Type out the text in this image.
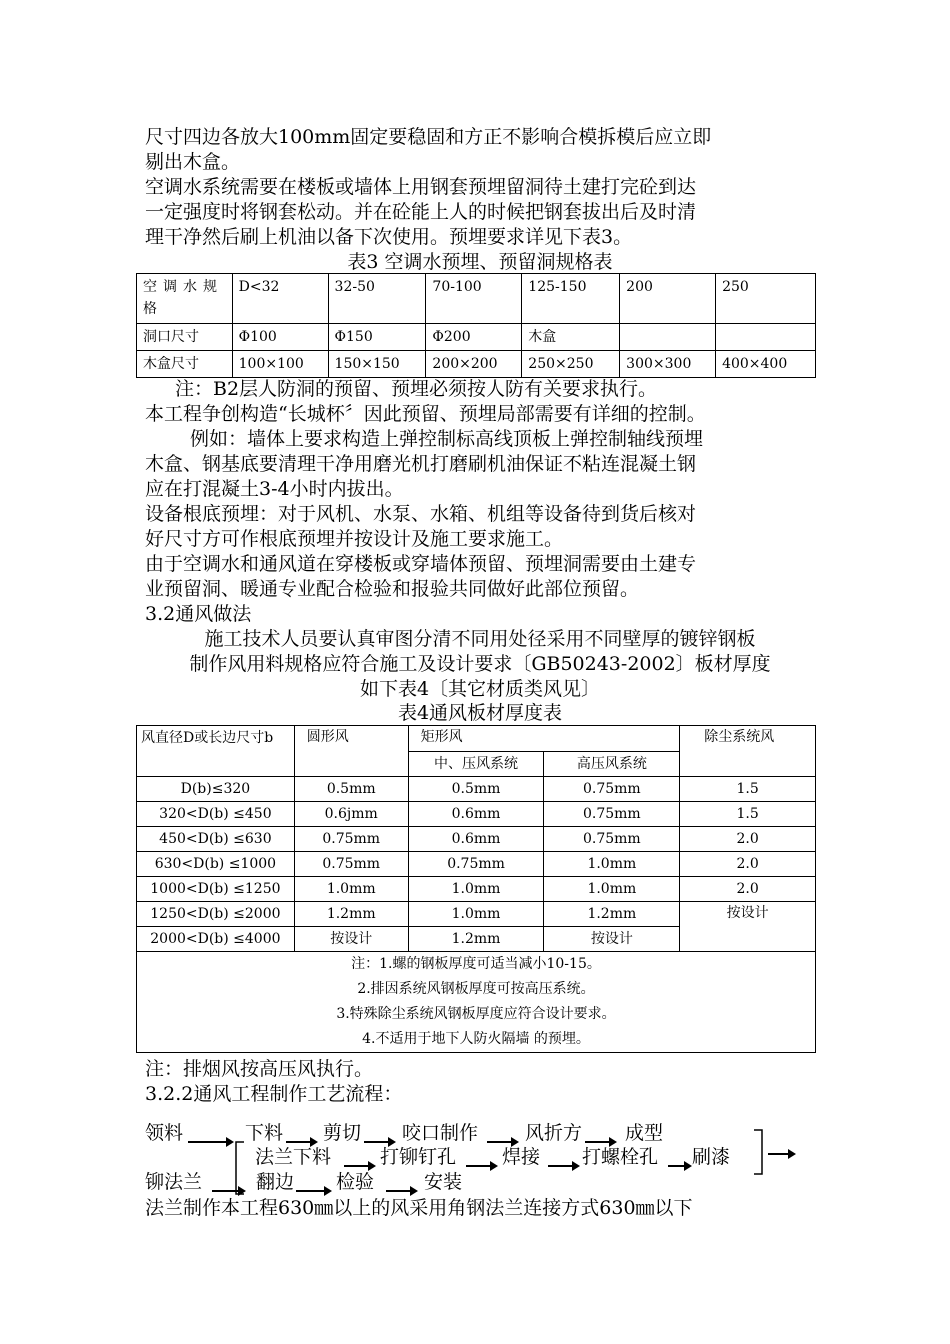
尺寸四边各放大100mm固定要稳固和方正不影响合模拆模后应立即
剔出木盒。
空调水系统需要在楼板或墙体上用钢套预埋留洞待土建打完砼到达
一定强度时将钢套松动。并在砼能上人的时候把钢套拔出后及时清
理干净然后刷上机油以备下次使用。预埋要求详见下表3。
表3 空调水预埋、预留洞规格表
空调水规格	D<32	32-50	70-100	125-150	200	250
洞口尺寸	Φ100	Φ150	Φ200	木盒		
木盒尺寸	100×100	150×150	200×200	250×250	300×300	400×400
注：B2层人防洞的预留、预埋必须按人防有关要求执行。
本工程争创构造“长城杯〞因此预留、预埋局部需要有详细的控制。
例如：墙体上要求构造上弹控制标高线顶板上弹控制轴线预埋
木盒、钢基底要清理干净用磨光机打磨刷机油保证不粘连混凝土钢
应在打混凝土3-4小时内拔出。
设备根底预埋：对于风机、水泵、水箱、机组等设备待到货后核对
好尺寸方可作根底预埋并按设计及施工要求施工。
由于空调水和通风道在穿楼板或穿墙体预留、预埋洞需要由土建专
业预留洞、暖通专业配合检验和报验共同做好此部位预留。
3.2通风做法
施工技术人员要认真审图分清不同用处径采用不同壁厚的镀锌钢板
制作风用料规格应符合施工及设计要求〔GB50243-2002〕板材厚度
如下表4〔其它材质类风见〕
表4通风板材厚度表
风直径D或长边尺寸b	圆形风	矩形风		除尘系统风
		中、压风系统	高压风系统	
D(b)≤320	0.5mm	0.5mm	0.75mm	1.5
320<D(b) ≤450	0.6jmm	0.6mm	0.75mm	1.5
450<D(b) ≤630	0.75mm	0.6mm	0.75mm	2.0
630<D(b) ≤1000	0.75mm	0.75mm	1.0mm	2.0
1000<D(b) ≤1250	1.0mm	1.0mm	1.0mm	2.0
1250<D(b) ≤2000	1.2mm	1.0mm	1.2mm	按设计
2000<D(b) ≤4000	按设计	1.2mm	按设计	

注：1.螺的钢板厚度可适当减小10-15。
2.排因系统风钢板厚度可按高压系统。
3.特殊除尘系统风钢板厚度应符合设计要求。
4.不适用于地下人防火隔墙 的预埋。				
注：排烟风按高压风执行。
3.2.2通风工程制作工艺流程：
领料	下料 剪切 咬口制作 风折方 成型
法兰下料	打铆钉孔 焊接 打螺栓孔 刷漆
铆法兰	翻边 检验	安装
法兰制作本工程630㎜以上的风采用角钢法兰连接方式630㎜以下
